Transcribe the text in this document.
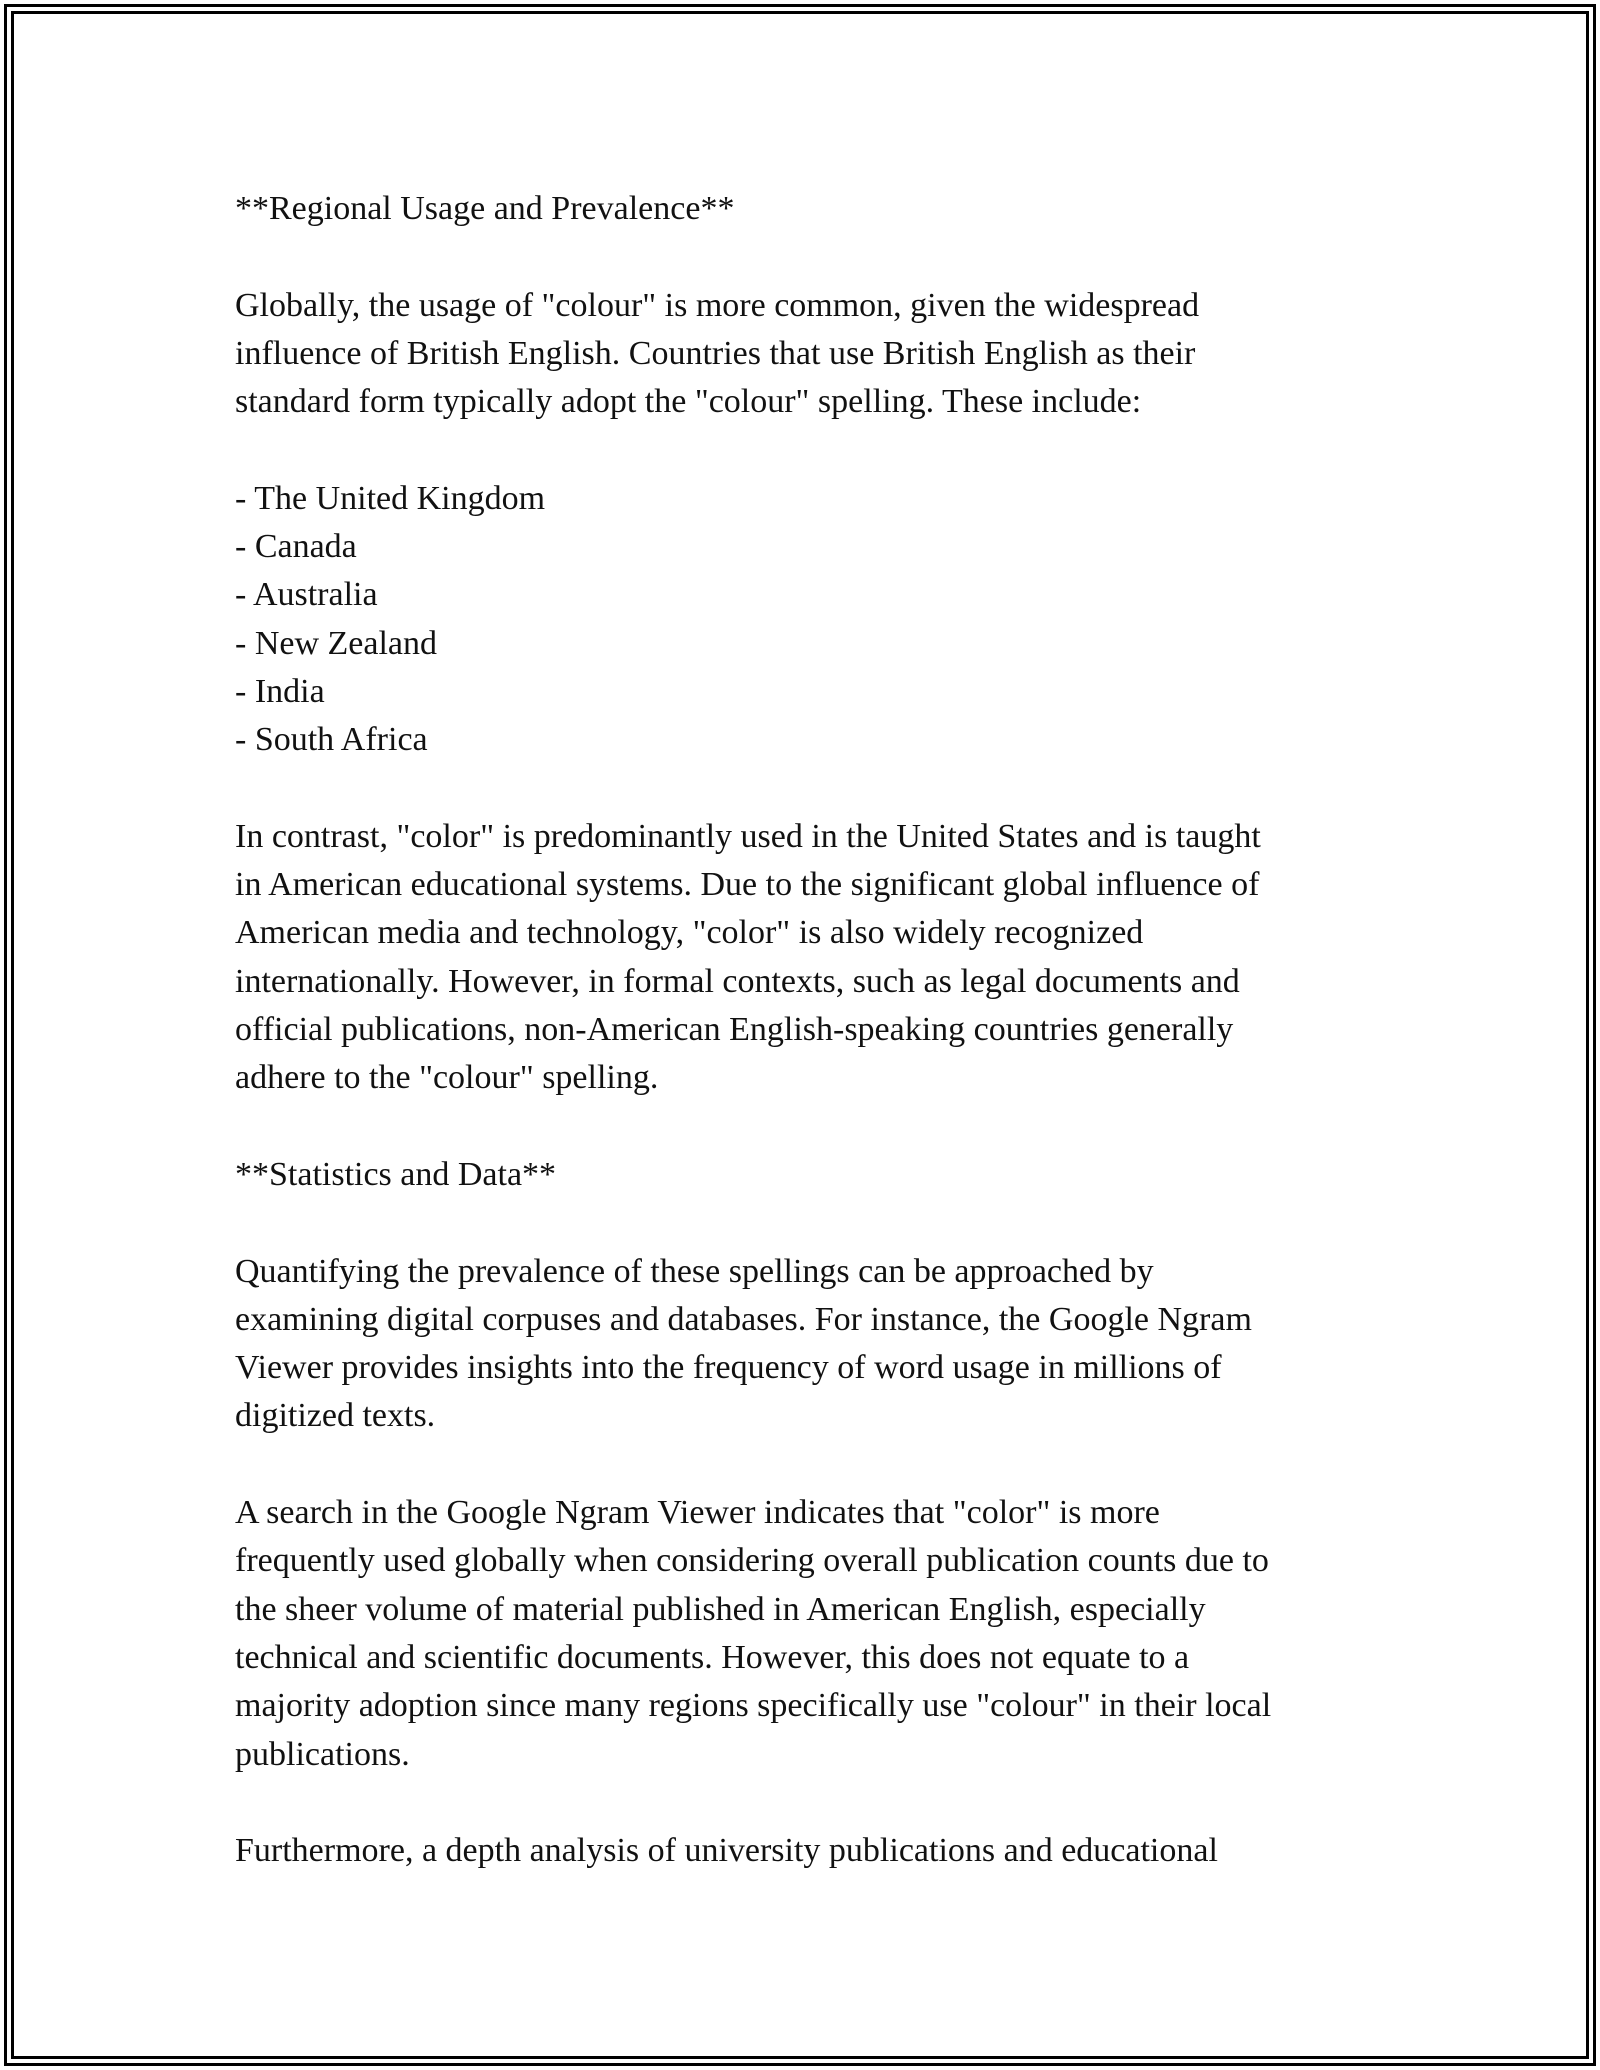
**Regional Usage and Prevalence**
Globally, the usage of "colour" is more common, given the widespread
influence of British English. Countries that use British English as their
standard form typically adopt the "colour" spelling. These include:
- The United Kingdom
- Canada
- Australia
- New Zealand
- India
- South Africa
In contrast, "color" is predominantly used in the United States and is taught
in American educational systems. Due to the significant global influence of
American media and technology, "color" is also widely recognized
internationally. However, in formal contexts, such as legal documents and
official publications, non-American English-speaking countries generally
adhere to the "colour" spelling.
**Statistics and Data**
Quantifying the prevalence of these spellings can be approached by
examining digital corpuses and databases. For instance, the Google Ngram
Viewer provides insights into the frequency of word usage in millions of
digitized texts.
A search in the Google Ngram Viewer indicates that "color" is more
frequently used globally when considering overall publication counts due to
the sheer volume of material published in American English, especially
technical and scientific documents. However, this does not equate to a
majority adoption since many regions specifically use "colour" in their local
publications.
Furthermore, a depth analysis of university publications and educational
